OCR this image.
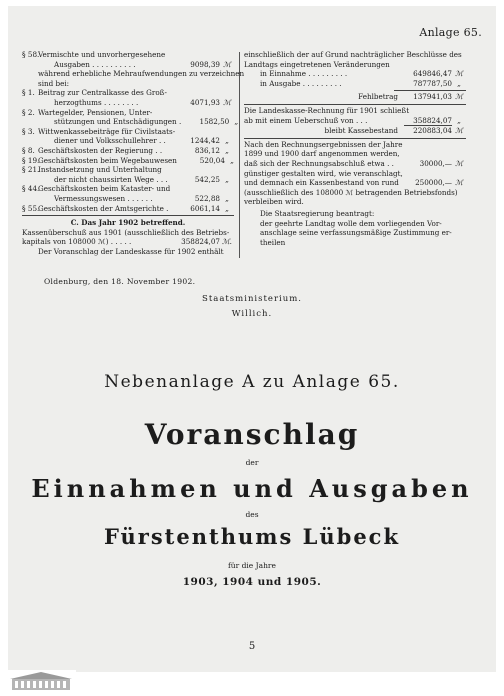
Anlage 65.
§ 58.
Vermischte und unvorhergesehene
Ausgaben . . . . . . . . . .	9098,39 ℳ
während erhebliche Mehraufwendungen zu verzeichnen
sind bei:
§ 1. Beitrag zur Centralkasse des Groß-
herzogthums . . . . . . . .	4071,93 ℳ
§ 2. Wartegelder, Pensionen, Unter-
stützungen und Entschädigungen .	1582,50 „
§ 3. Wittwenkassebeiträge für Civilstaats-
diener und Volksschullehrer . .	1244,42 „
§ 8. Geschäftskosten der Regierung . .	836,12 „
§ 19.
Geschäftskosten beim Wegebauwesen	520,04 „
§ 21.
Instandsetzung und Unterhaltung
der nicht chaussirten Wege . . .	542,25 „
§ 44.
Geschäftskosten beim Kataster- und
Vermessungswesen . . . . . .	522,88 „
§ 55.
Geschäftskosten der Amtsgerichte .	6061,14 „
C. Das Jahr 1902 betreffend.
Kassenüberschuß aus 1901 (ausschließlich des Betriebs-
kapitals von 108000 ℳ) . . . . .	358824,07 ℳ.
Der Voranschlag der Landeskasse für 1902 enthält
einschließlich der auf Grund nachträglicher Beschlüsse des
Landtags eingetretenen Veränderungen
in Einnahme . . . . . . . . .	649846,47 ℳ
in Ausgabe . . . . . . . . .	787787,50 „
Fehlbetrag	137941,03 ℳ
Die Landeskasse-Rechnung für 1901 schließt
ab mit einem Ueberschuß von . . .	358824,07 „
bleibt Kassebestand	220883,04 ℳ
Nach den Rechnungsergebnissen der Jahre
1899 und 1900 darf angenommen werden,
daß sich der Rechnungsabschluß etwa . .	30000,— ℳ
günstiger gestalten wird, wie veranschlagt,
und demnach ein Kassenbestand von rund	250000,— ℳ
(ausschließlich des 108000 ℳ betragenden Betriebsfonds)
verbleiben wird.
Die Staatsregierung beantragt:
der geehrte Landtag wolle dem vorliegenden Vor-
anschlage seine verfassungsmäßige Zustimmung er-
theilen
Oldenburg, den 18. November 1902.
Staatsministerium.
Willich.
Nebenanlage A zu Anlage 65.
Voranschlag
der
Einnahmen und Ausgaben
des
Fürstenthums Lübeck
für die Jahre
1903, 1904 und 1905.
5
